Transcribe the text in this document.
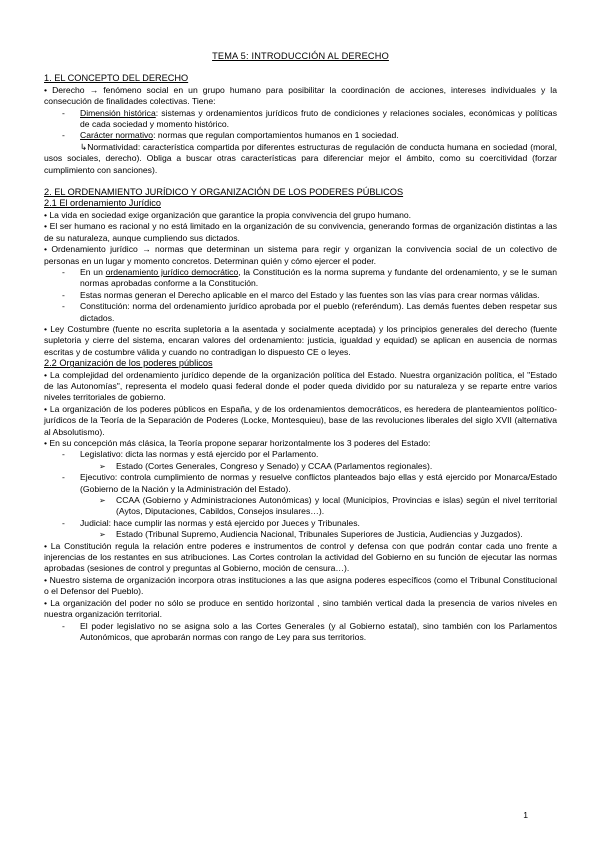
TEMA 5: INTRODUCCIÓN AL DERECHO
1. EL CONCEPTO DEL DERECHO

• Derecho → fenómeno social en un grupo humano para posibilitar la coordinación de acciones, intereses individuales y la consecución de finalidades colectivas. Tiene:

- Dimensión histórica: sistemas y ordenamientos jurídicos fruto de condiciones y relaciones sociales, económicas y políticas de cada sociedad y momento histórico.
- Carácter normativo: normas que regulan comportamientos humanos en 1 sociedad.

↳Normatividad: característica compartida por diferentes estructuras de regulación de conducta humana en sociedad (moral, usos sociales, derecho). Obliga a buscar otras características para diferenciar mejor el ámbito, como su coercitividad (forzar cumplimiento con sanciones).

2. EL ORDENAMIENTO JURÍDICO Y ORGANIZACIÓN DE LOS PODERES PÚBLICOS
2.1 El ordenamiento Jurídico

• La vida en sociedad exige organización que garantice la propia convivencia del grupo humano.

• El ser humano es racional y no está limitado en la organización de su convivencia, generando formas de organización distintas a las de su naturaleza, aunque cumpliendo sus dictados.

• Ordenamiento jurídico → normas que determinan un sistema para regir y organizan la convivencia social de un colectivo de personas en un lugar y momento concretos. Determinan quién y cómo ejercer el poder.

- En un ordenamiento jurídico democrático, la Constitución es la norma suprema y fundante del ordenamiento, y se le suman normas aprobadas conforme a la Constitución.
- Estas normas generan el Derecho aplicable en el marco del Estado y las fuentes son las vías para crear normas válidas.
- Constitución: norma del ordenamiento jurídico aprobada por el pueblo (referéndum). Las demás fuentes deben respetar sus dictados.

• Ley Costumbre (fuente no escrita supletoria a la asentada y socialmente aceptada) y los principios generales del derecho (fuente supletoria y cierre del sistema, encaran valores del ordenamiento: justicia, igualdad y equidad) se aplican en ausencia de normas escritas y de costumbre válida y cuando no contradigan lo dispuesto CE o leyes.

2.2 Organización de los poderes públicos

• La complejidad del ordenamiento jurídico depende de la organización política del Estado. Nuestra organización política, el "Estado de las Autonomías", representa el modelo quasi federal donde el poder queda dividido por su naturaleza y se reparte entre varios niveles territoriales de gobierno.

• La organización de los poderes públicos en España, y de los ordenamientos democráticos, es heredera de planteamientos político-jurídicos de la Teoría de la Separación de Poderes (Locke, Montesquieu), base de las revoluciones liberales del siglo XVII (alternativa al Absolutismo).

• En su concepción más clásica, la Teoría propone separar horizontalmente los 3 poderes del Estado:

- Legislativo: dicta las normas y está ejercido por el Parlamento.
➢ Estado (Cortes Generales, Congreso y Senado) y CCAA (Parlamentos regionales).
- Ejecutivo: controla cumplimiento de normas y resuelve conflictos planteados bajo ellas y está ejercido por Monarca/Estado (Gobierno de la Nación y la Administración del Estado).
➢ CCAA (Gobierno y Administraciones Autonómicas) y local (Municipios, Provincias e islas) según el nivel territorial (Aytos, Diputaciones, Cabildos, Consejos insulares…).
- Judicial: hace cumplir las normas y está ejercido por Jueces y Tribunales.
➢ Estado (Tribunal Supremo, Audiencia Nacional, Tribunales Superiores de Justicia, Audiencias y Juzgados).

• La Constitución regula la relación entre poderes e instrumentos de control y defensa con que podrán contar cada uno frente a injerencias de los restantes en sus atribuciones. Las Cortes controlan la actividad del Gobierno en su función de ejecutar las normas aprobadas (sesiones de control y preguntas al Gobierno, moción de censura…).

• Nuestro sistema de organización incorpora otras instituciones a las que asigna poderes específicos (como el Tribunal Constitucional o el Defensor del Pueblo).

• La organización del poder no sólo se produce en sentido horizontal , sino también vertical dada la presencia de varios niveles en nuestra organización territorial.

- El poder legislativo no se asigna solo a las Cortes Generales (y al Gobierno estatal), sino también con los Parlamentos Autonómicos, que aprobarán normas con rango de Ley para sus territorios.
1
